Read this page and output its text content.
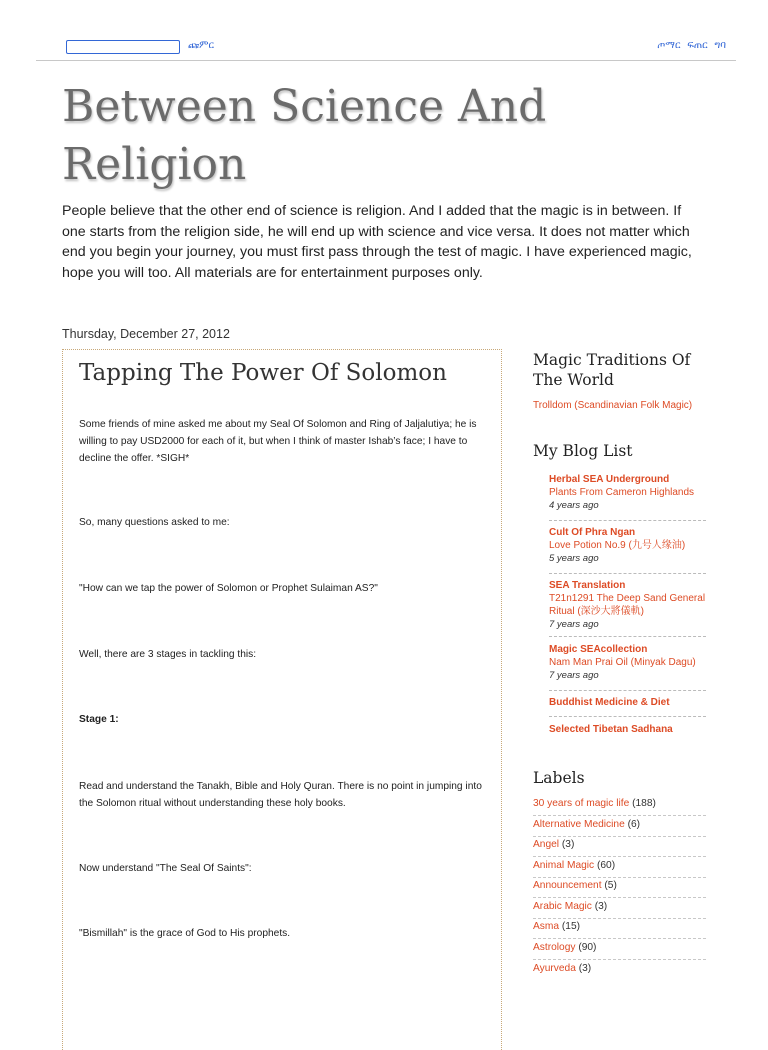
ጩምር	ጦማር ፍጠር ግባ
Between Science And Religion

People believe that the other end of science is religion. And I added that the magic is in between. If one starts from the religion side, he will end up with science and vice versa. It does not matter which end you begin your journey, you must first pass through the test of magic. I have experienced magic, hope you will too. All materials are for entertainment purposes only.

Thursday, December 27, 2012
Tapping The Power Of Solomon

Some friends of mine asked me about my Seal Of Solomon and Ring of Jaljalutiya; he is willing to pay USD2000 for each of it, but when I think of master Ishab’s face; I have to decline the offer. *SIGH*

So, many questions asked to me:

"How can we tap the power of Solomon or Prophet Sulaiman AS?"

Well, there are 3 stages in tackling this:

Stage 1:

Read and understand the Tanakh, Bible and Holy Quran. There is no point in jumping into the Solomon ritual without understanding these holy books.

Now understand "The Seal Of Saints":

"Bismillah" is the grace of God to His prophets.

Magic Traditions Of The World
Trolldom (Scandinavian Folk Magic)
My Blog List
Herbal SEA Underground
Plants From Cameron Highlands
4 years ago
Cult Of Phra Ngan
Love Potion No.9 (九号人缘油)
5 years ago
SEA Translation
T21n1291 The Deep Sand General Ritual (深沙大將儀軌)
7 years ago
Magic SEAcollection
Nam Man Prai Oil (Minyak Dagu)
7 years ago
Buddhist Medicine & Diet
Selected Tibetan Sadhana
Labels
30 years of magic life (188)
Alternative Medicine (6)
Angel (3)
Animal Magic (60)
Announcement (5)
Arabic Magic (3)
Asma (15)
Astrology (90)
Ayurveda (3)
